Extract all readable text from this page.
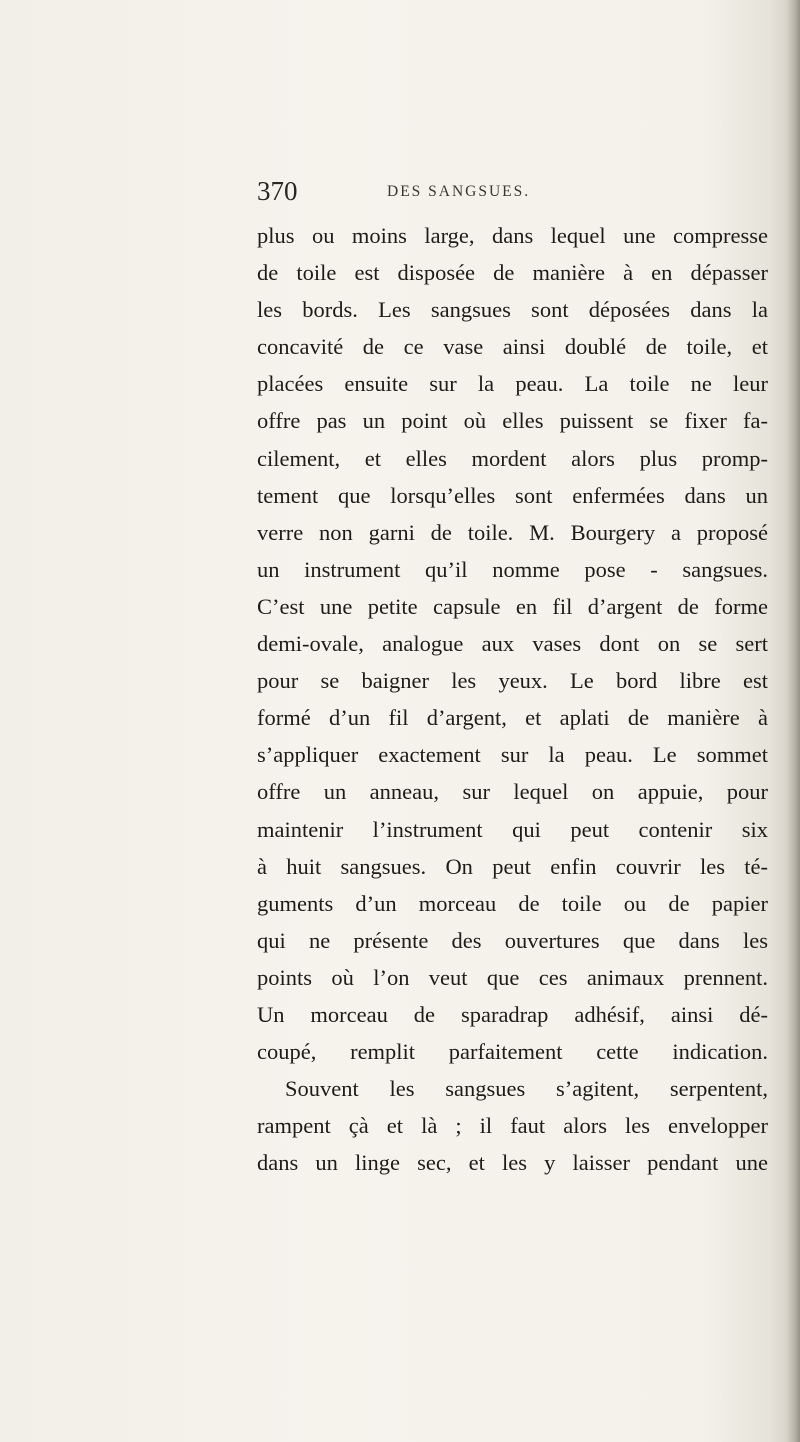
370	DES SANGSUES.
plus ou moins large, dans lequel une compresse
de toile est disposée de manière à en dépasser
les bords. Les sangsues sont déposées dans la
concavité de ce vase ainsi doublé de toile, et
placées ensuite sur la peau. La toile ne leur
offre pas un point où elles puissent se fixer fa-
cilement, et elles mordent alors plus promp-
tement que lorsqu’elles sont enfermées dans un
verre non garni de toile. M. Bourgery a proposé
un instrument qu’il nomme pose - sangsues.
C’est une petite capsule en fil d’argent de forme
demi-ovale, analogue aux vases dont on se sert
pour se baigner les yeux. Le bord libre est
formé d’un fil d’argent, et aplati de manière à
s’appliquer exactement sur la peau. Le sommet
offre un anneau, sur lequel on appuie, pour
maintenir l’instrument qui peut contenir six
à huit sangsues. On peut enfin couvrir les té-
guments d’un morceau de toile ou de papier
qui ne présente des ouvertures que dans les
points où l’on veut que ces animaux prennent.
Un morceau de sparadrap adhésif, ainsi dé-
coupé, remplit parfaitement cette indication.
Souvent les sangsues s’agitent, serpentent,
rampent çà et là ; il faut alors les envelopper
dans un linge sec, et les y laisser pendant une
